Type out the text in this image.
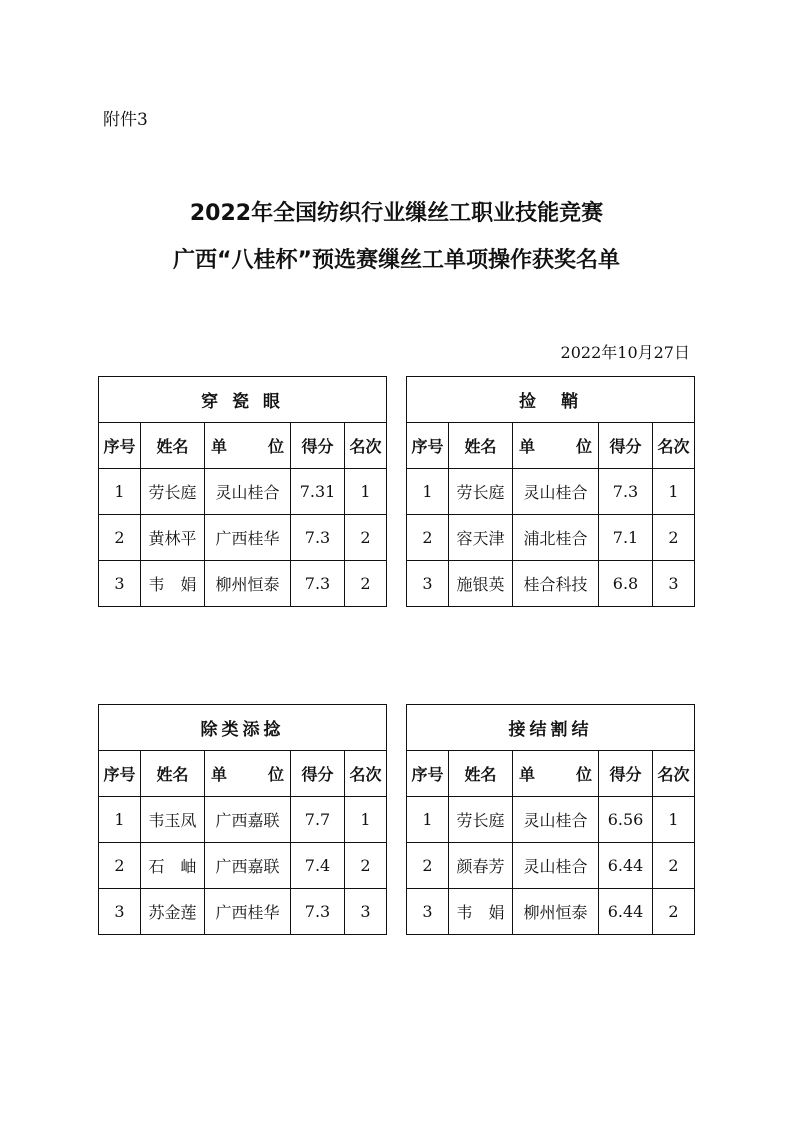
附件3
2022年全国纺织行业缫丝工职业技能竞赛
广西“八桂杯”预选赛缫丝工单项操作获奖名单
2022年10月27日
穿 瓷 眼				
序号	姓名	单　位	得分	名次
1	劳长庭	灵山桂合	7.31	1
2	黄林平	广西桂华	7.3	2
3	韦　娟	柳州恒泰	7.3	2
捡　鞘				
序号	姓名	单　位	得分	名次
1	劳长庭	灵山桂合	7.3	1
2	容天津	浦北桂合	7.1	2
3	施银英	桂合科技	6.8	3
除类添捻				
序号	姓名	单　位	得分	名次
1	韦玉凤	广西嘉联	7.7	1
2	石　岫	广西嘉联	7.4	2
3	苏金莲	广西桂华	7.3	3
接结割结				
序号	姓名	单　位	得分	名次
1	劳长庭	灵山桂合	6.56	1
2	颜春芳	灵山桂合	6.44	2
3	韦　娟	柳州恒泰	6.44	2
